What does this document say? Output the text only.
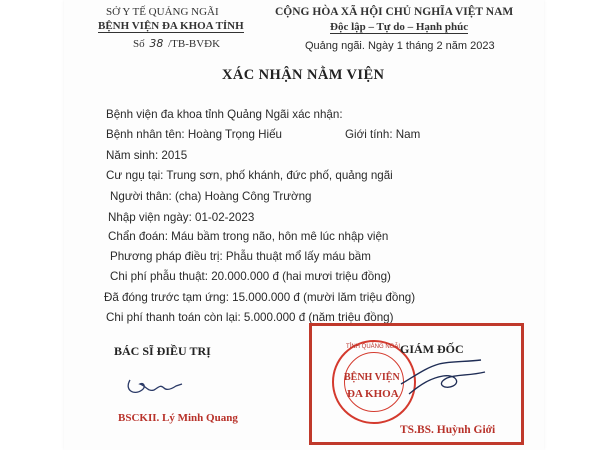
SỞ Y TẾ QUẢNG NGÃI
BỆNH VIỆN ĐA KHOA TỈNH
Số 38 /TB-BVĐK
CỘNG HÒA XÃ HỘI CHỦ NGHĨA VIỆT NAM
Độc lập – Tự do – Hạnh phúc
Quảng ngãi. Ngày 1 tháng 2 năm 2023
XÁC NHẬN NẰM VIỆN
Bệnh viện đa khoa tỉnh Quảng Ngãi xác nhận:
Bệnh nhân tên: Hoàng Trọng Hiếu	Giới tính: Nam
Năm sinh: 2015
Cư ngụ tại: Trung sơn, phố khánh, đức phố, quảng ngãi
Người thân: (cha) Hoàng Công Trường
Nhập viện ngày: 01-02-2023
Chẩn đoán: Máu bầm trong não, hôn mê lúc nhập viện
Phương pháp điều trị: Phẫu thuật mổ lấy máu bầm
Chi phí phẫu thuật: 20.000.000 đ (hai mươi triệu đồng)
Đã đóng trước tạm ứng: 15.000.000 đ (mười lăm triệu đồng)
Chi phí thanh toán còn lại: 5.000.000 đ (năm triệu đồng)
BÁC SĨ ĐIỀU TRỊ
BSCKII. Lý Minh Quang
TỈNH QUẢNG NGÃI
BỆNH VIỆN
ĐA KHOA
GIÁM ĐỐC
TS.BS. Huỳnh Giới
